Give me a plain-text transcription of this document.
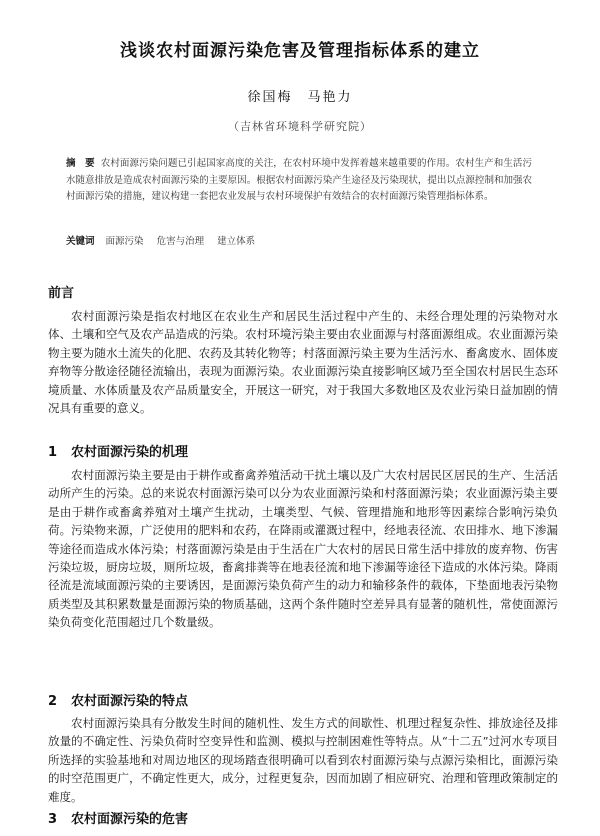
浅谈农村面源污染危害及管理指标体系的建立
徐国梅　马艳力
（吉林省环境科学研究院）
摘　要 农村面源污染问题已引起国家高度的关注，在农村环境中发挥着越来越重要的作用。农村生产和生活污水随意排放是造成农村面源污染的主要原因。根据农村面源污染产生途径及污染现状，提出以点源控制和加强农村面源污染的措施，建议构建一套把农业发展与农村环境保护有效结合的农村面源污染管理指标体系。
关键词 面源污染 危害与治理 建立体系
前言
农村面源污染是指农村地区在农业生产和居民生活过程中产生的、未经合理处理的污染物对水体、土壤和空气及农产品造成的污染。农村环境污染主要由农业面源与村落面源组成。农业面源污染物主要为随水土流失的化肥、农药及其转化物等；村落面源污染主要为生活污水、畜禽废水、固体废弃物等分散途径随径流输出，表现为面源污染。农业面源污染直接影响区域乃至全国农村居民生态环境质量、水体质量及农产品质量安全，开展这一研究，对于我国大多数地区及农业污染日益加剧的情况具有重要的意义。
1 农村面源污染的机理
农村面源污染主要是由于耕作或畜禽养殖活动干扰土壤以及广大农村居民区居民的生产、生活活动所产生的污染。总的来说农村面源污染可以分为农业面源污染和村落面源污染；农业面源污染主要是由于耕作或畜禽养殖对土壤产生扰动，土壤类型、气候、管理措施和地形等因素综合影响污染负荷。污染物来源，广泛使用的肥料和农药，在降雨或灌溉过程中，经地表径流、农田排水、地下渗漏等途径而造成水体污染；村落面源污染是由于生活在广大农村的居民日常生活中排放的废弃物、伤害污染垃圾，厨房垃圾，厕所垃圾，畜禽排粪等在地表径流和地下渗漏等途径下造成的水体污染。降雨径流是流域面源污染的主要诱因，是面源污染负荷产生的动力和输移条件的载体，下垫面地表污染物质类型及其积累数量是面源污染的物质基础，这两个条件随时空差异具有显著的随机性，常使面源污染负荷变化范围超过几个数量级。
2 农村面源污染的特点
农村面源污染具有分散发生时间的随机性、发生方式的间歇性、机理过程复杂性、排放途径及排放量的不确定性、污染负荷时空变异性和监测、模拟与控制困难性等特点。从“十二五”过河水专项目所选择的实验基地和对周边地区的现场踏查很明确可以看到农村面源污染与点源污染相比，面源污染的时空范围更广，不确定性更大，成分，过程更复杂，因而加剧了相应研究、治理和管理政策制定的难度。
3 农村面源污染的危害
